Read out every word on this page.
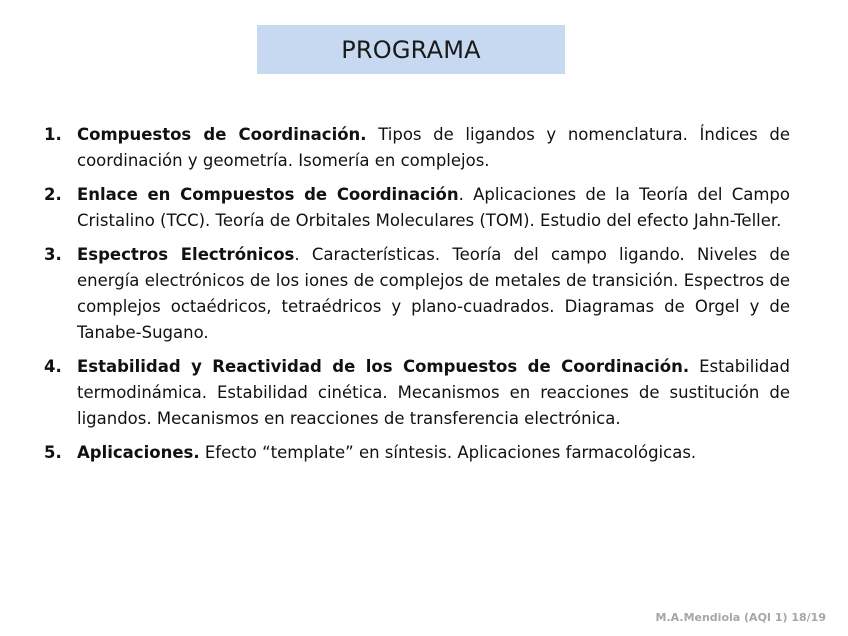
PROGRAMA
1. Compuestos de Coordinación. Tipos de ligandos y nomenclatura. Índices de coordinación y geometría. Isomería en complejos.
2. Enlace en Compuestos de Coordinación. Aplicaciones de la Teoría del Campo Cristalino (TCC). Teoría de Orbitales Moleculares (TOM). Estudio del efecto Jahn-Teller.
3. Espectros Electrónicos. Características. Teoría del campo ligando. Niveles de energía electrónicos de los iones de complejos de metales de transición. Espectros de complejos octaédricos, tetraédricos y plano-cuadrados. Diagramas de Orgel y de Tanabe-Sugano.
4. Estabilidad y Reactividad de los Compuestos de Coordinación. Estabilidad termodinámica. Estabilidad cinética. Mecanismos en reacciones de sustitución de ligandos. Mecanismos en reacciones de transferencia electrónica.
5. Aplicaciones. Efecto “template” en síntesis. Aplicaciones farmacológicas.
M.A.Mendiola (AQI 1) 18/19
